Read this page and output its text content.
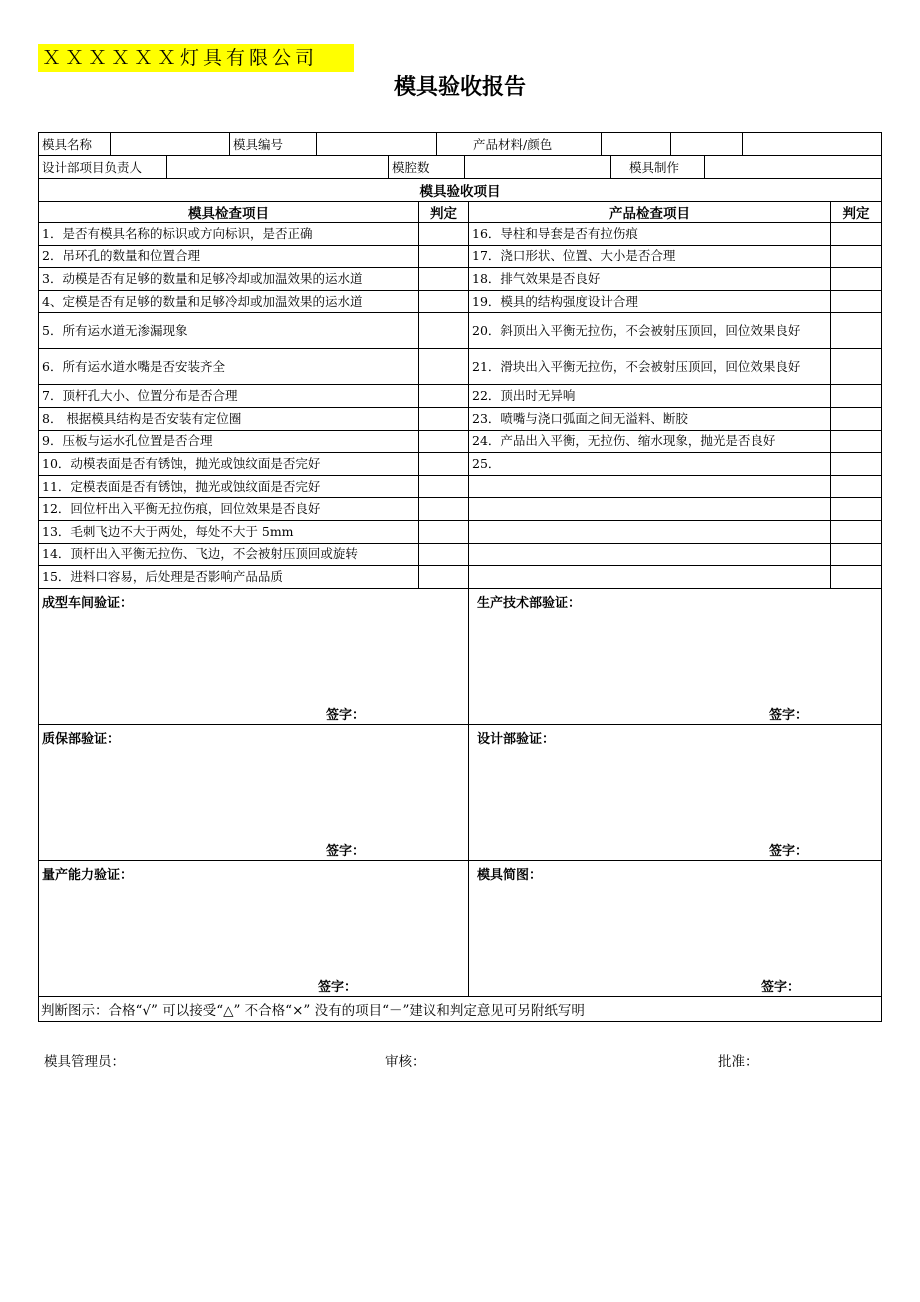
ＸＸＸＸＸＸ灯具有限公司
模具验收报告
模具名称	模具编号	产品材料/颜色
设计部项目负责人	模腔数	模具制作
模具验收项目
模具检查项目	判定	产品检查项目	判定
1．是否有模具名称的标识或方向标识，是否正确	16．导柱和导套是否有拉伤痕
2．吊环孔的数量和位置合理	17．浇口形状、位置、大小是否合理
3．动模是否有足够的数量和足够冷却或加温效果的运水道	18．排气效果是否良好
4、定模是否有足够的数量和足够冷却或加温效果的运水道	19．模具的结构强度设计合理
5．所有运水道无渗漏现象	20．斜顶出入平衡无拉伤，不会被射压顶回，回位效果良好
6．所有运水道水嘴是否安装齐全	21．滑块出入平衡无拉伤，不会被射压顶回，回位效果良好
7．顶杆孔大小、位置分布是否合理	22．顶出时无异响
8． 根据模具结构是否安装有定位圈	23．喷嘴与浇口弧面之间无溢料、断胶
9．压板与运水孔位置是否合理	24．产品出入平衡，无拉伤、缩水现象，抛光是否良好
10．动模表面是否有锈蚀，抛光或蚀纹面是否完好	25．
11．定模表面是否有锈蚀，抛光或蚀纹面是否完好
12．回位杆出入平衡无拉伤痕，回位效果是否良好
13．毛刺飞边不大于两处，每处不大于 5mm
14．顶杆出入平衡无拉伤、飞边，不会被射压顶回或旋转
15．进料口容易，后处理是否影响产品品质
成型车间验证：
签字：
生产技术部验证：
签字：
质保部验证：
签字：
设计部验证：
签字：
量产能力验证：
签字：
模具简图：
签字：
判断图示：合格“√” 可以接受“△” 不合格“×” 没有的项目“－”建议和判定意见可另附纸写明
模具管理员：	审核：	批准：
